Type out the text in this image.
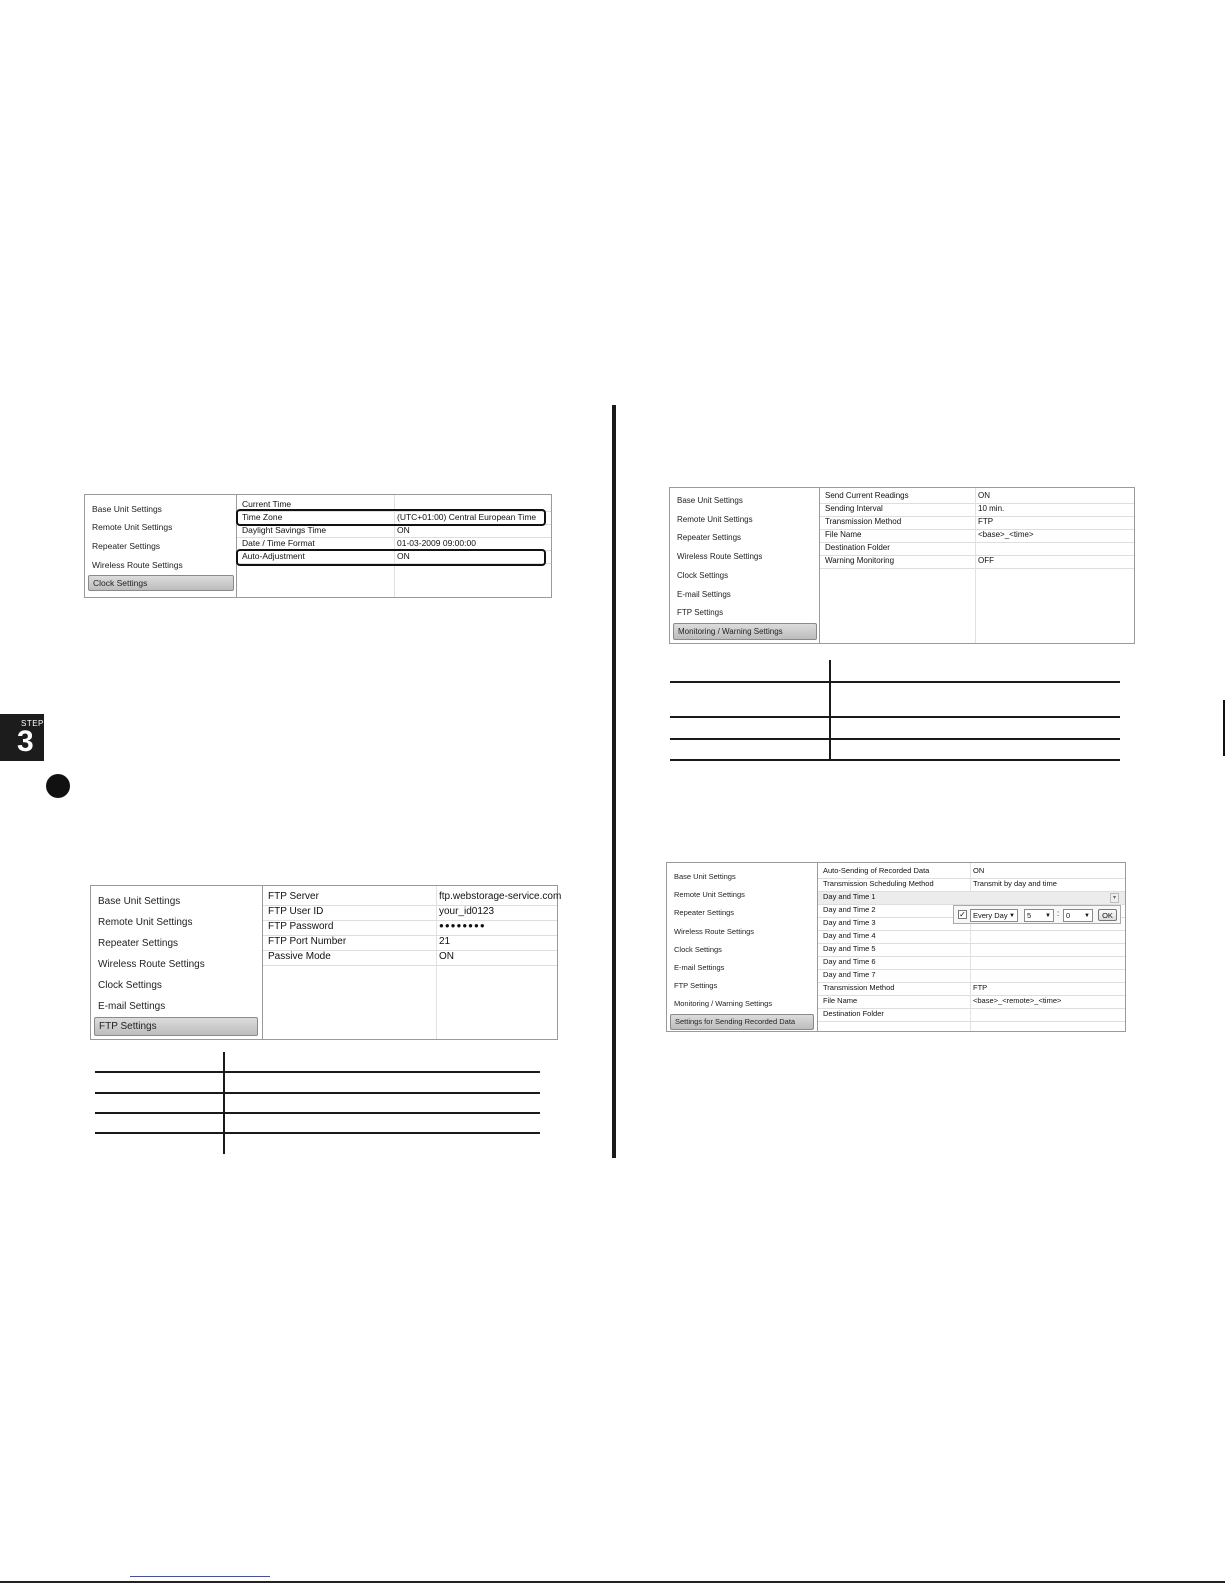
STEP
3
Base Unit Settings
Remote Unit Settings
Repeater Settings
Wireless Route Settings
Clock Settings
Current Time
Time Zone	(UTC+01:00) Central European Time
Daylight Savings Time	ON
Date / Time Format	01-03-2009 09:00:00
Auto-Adjustment	ON
Base Unit Settings
Remote Unit Settings
Repeater Settings
Wireless Route Settings
Clock Settings
E-mail Settings
FTP Settings
FTP Server	ftp.webstorage-service.com
FTP User ID	your_id0123
FTP Password	●●●●●●●●
FTP Port Number	21
Passive Mode	ON
Base Unit Settings
Remote Unit Settings
Repeater Settings
Wireless Route Settings
Clock Settings
E-mail Settings
FTP Settings
Monitoring / Warning Settings
Send Current Readings	ON
Sending Interval	10 min.
Transmission Method	FTP
File Name	<base>_<time>
Destination Folder
Warning Monitoring	OFF
Base Unit Settings
Remote Unit Settings
Repeater Settings
Wireless Route Settings
Clock Settings
E-mail Settings
FTP Settings
Monitoring / Warning Settings
Settings for Sending Recorded Data
Auto-Sending of Recorded Data	ON
Transmission Scheduling Method	Transmit by day and time
Day and Time 1	▾
Day and Time 2
Day and Time 3
Day and Time 4
Day and Time 5
Day and Time 6
Day and Time 7
Transmission Method	FTP
File Name	<base>_<remote>_<time>
Destination Folder
✓ Every Day ▼	5 ▼ : 0 ▼	OK
